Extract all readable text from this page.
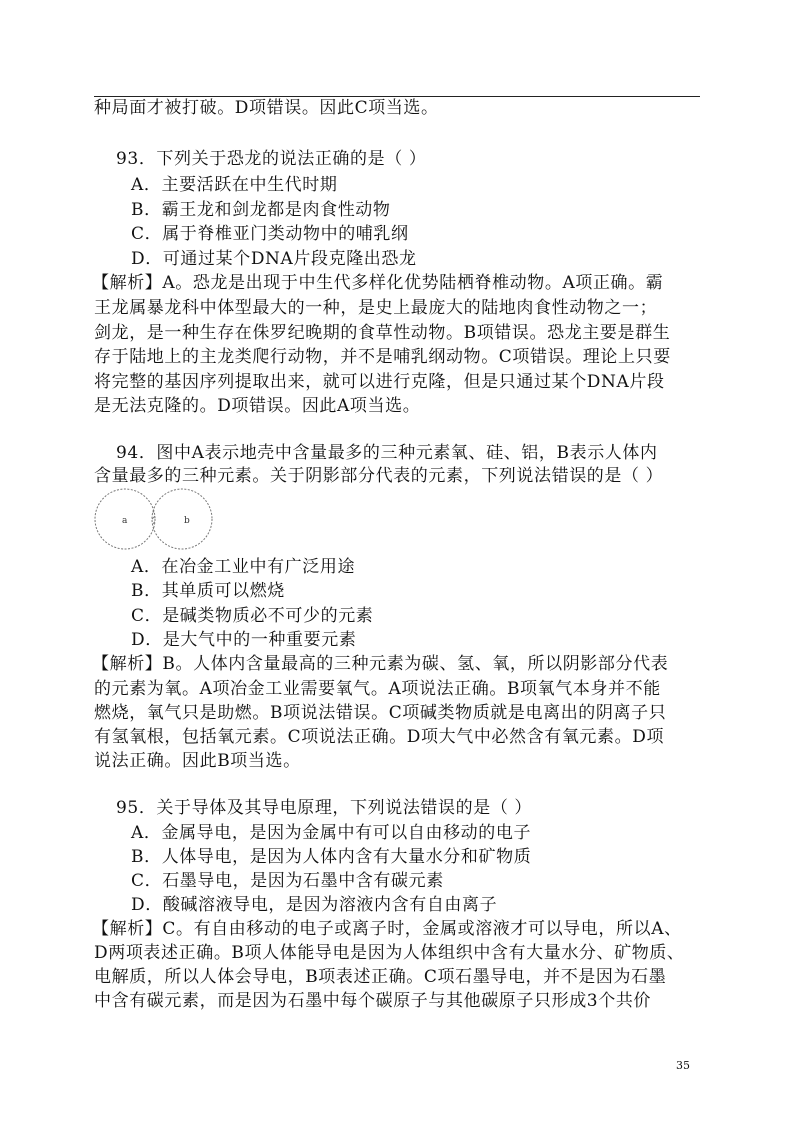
种局面才被打破。D项错误。因此C项当选。
93．下列关于恐龙的说法正确的是（ ）
A．主要活跃在中生代时期
B．霸王龙和剑龙都是肉食性动物
C．属于脊椎亚门类动物中的哺乳纲
D．可通过某个DNA片段克隆出恐龙
【解析】A。恐龙是出现于中生代多样化优势陆栖脊椎动物。A项正确。霸
王龙属暴龙科中体型最大的一种，是史上最庞大的陆地肉食性动物之一；
剑龙，是一种生存在侏罗纪晚期的食草性动物。B项错误。恐龙主要是群生
存于陆地上的主龙类爬行动物，并不是哺乳纲动物。C项错误。理论上只要
将完整的基因序列提取出来，就可以进行克隆，但是只通过某个DNA片段
是无法克隆的。D项错误。因此A项当选。
94．图中A表示地壳中含量最多的三种元素氧、硅、铝，B表示人体内
含量最多的三种元素。关于阴影部分代表的元素，下列说法错误的是（ ）
a	b
A．在冶金工业中有广泛用途
B．其单质可以燃烧
C．是碱类物质必不可少的元素
D．是大气中的一种重要元素
【解析】B。人体内含量最高的三种元素为碳、氢、氧，所以阴影部分代表
的元素为氧。A项冶金工业需要氧气。A项说法正确。B项氧气本身并不能
燃烧，氧气只是助燃。B项说法错误。C项碱类物质就是电离出的阴离子只
有氢氧根，包括氧元素。C项说法正确。D项大气中必然含有氧元素。D项
说法正确。因此B项当选。
95．关于导体及其导电原理，下列说法错误的是（ ）
A．金属导电，是因为金属中有可以自由移动的电子
B．人体导电，是因为人体内含有大量水分和矿物质
C．石墨导电，是因为石墨中含有碳元素
D．酸碱溶液导电，是因为溶液内含有自由离子
【解析】C。有自由移动的电子或离子时，金属或溶液才可以导电，所以A、
D两项表述正确。B项人体能导电是因为人体组织中含有大量水分、矿物质、
电解质，所以人体会导电，B项表述正确。C项石墨导电，并不是因为石墨
中含有碳元素，而是因为石墨中每个碳原子与其他碳原子只形成3个共价
35
